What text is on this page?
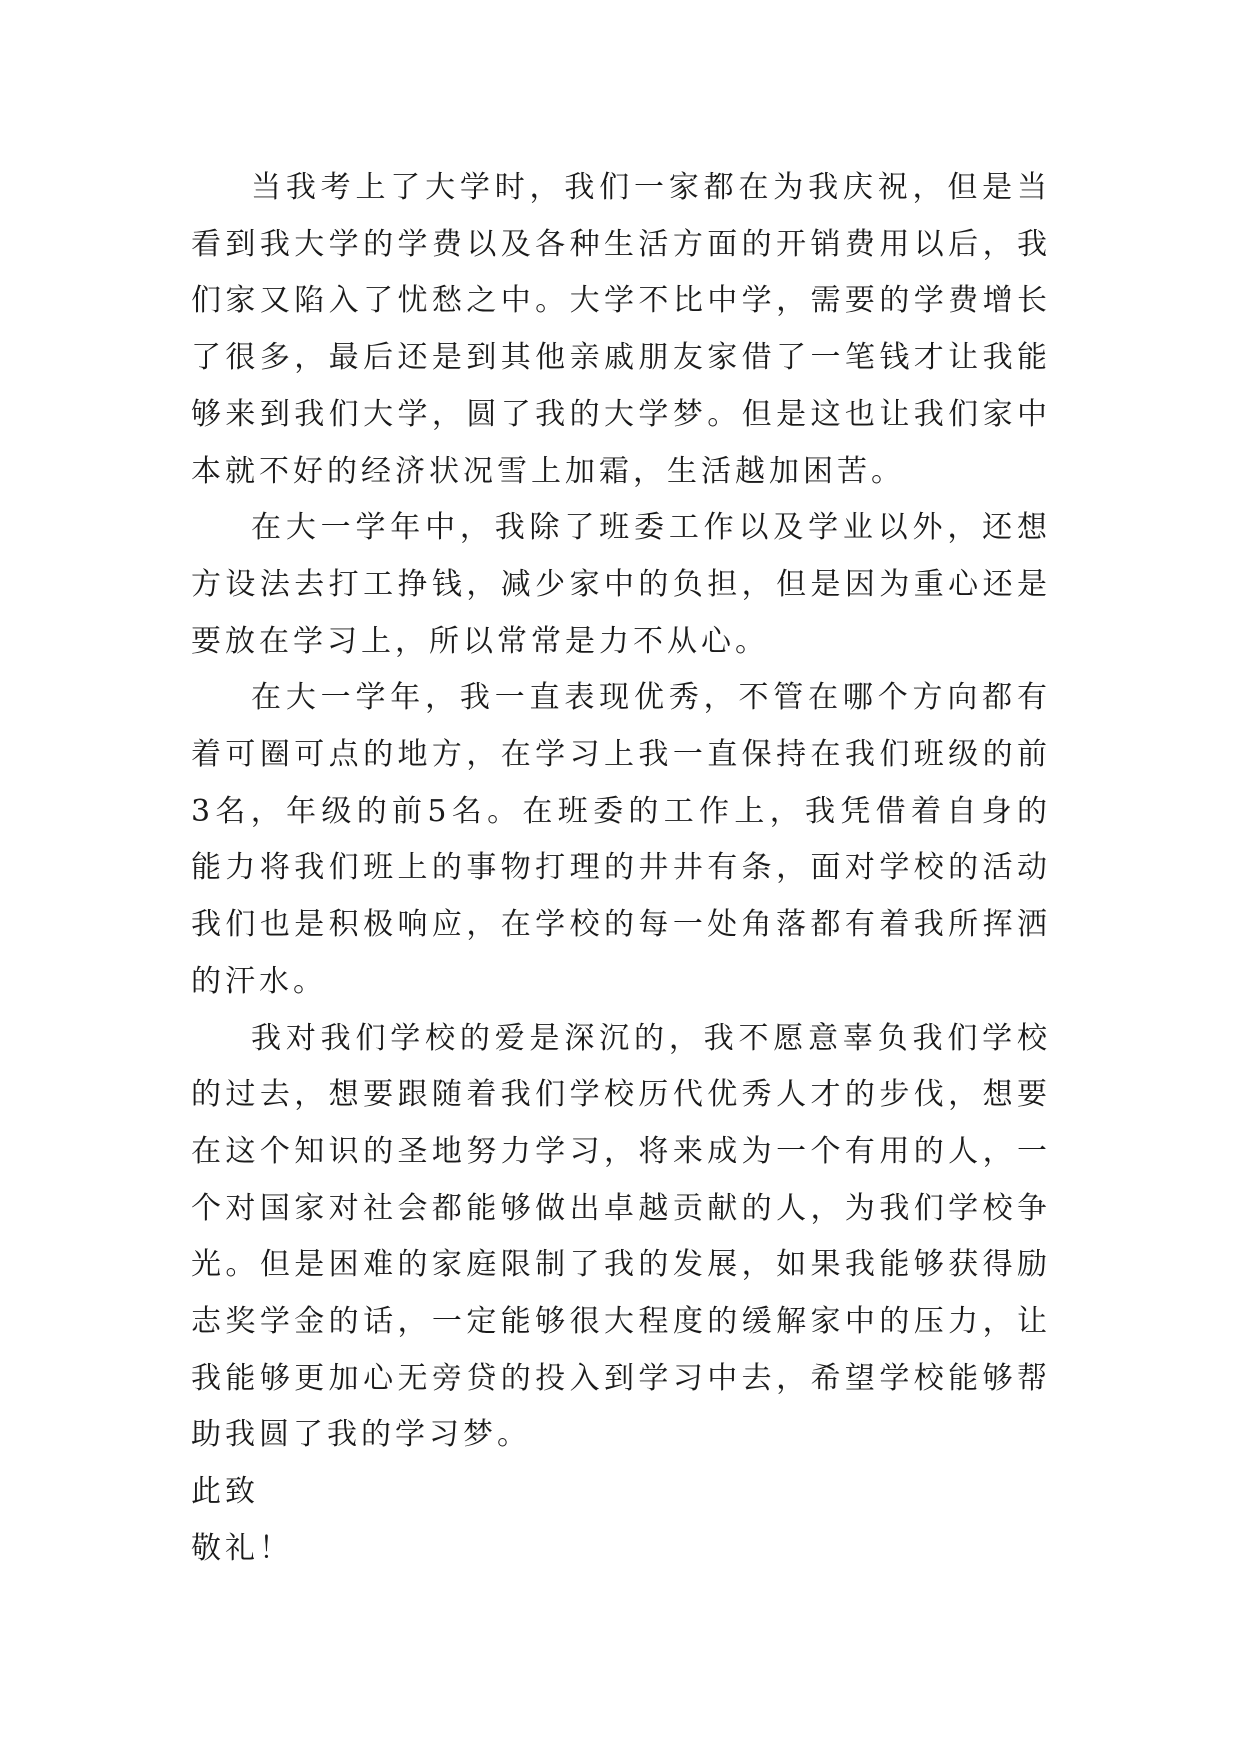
当我考上了大学时，我们一家都在为我庆祝，但是当看到我大学的学费以及各种生活方面的开销费用以后，我们家又陷入了忧愁之中。大学不比中学，需要的学费增长了很多，最后还是到其他亲戚朋友家借了一笔钱才让我能够来到我们大学，圆了我的大学梦。但是这也让我们家中本就不好的经济状况雪上加霜，生活越加困苦。

在大一学年中，我除了班委工作以及学业以外，还想方设法去打工挣钱，减少家中的负担，但是因为重心还是要放在学习上，所以常常是力不从心。

在大一学年，我一直表现优秀，不管在哪个方向都有着可圈可点的地方，在学习上我一直保持在我们班级的前3名，年级的前5名。在班委的工作上，我凭借着自身的能力将我们班上的事物打理的井井有条，面对学校的活动我们也是积极响应，在学校的每一处角落都有着我所挥洒的汗水。

我对我们学校的爱是深沉的，我不愿意辜负我们学校的过去，想要跟随着我们学校历代优秀人才的步伐，想要在这个知识的圣地努力学习，将来成为一个有用的人，一个对国家对社会都能够做出卓越贡献的人，为我们学校争光。但是困难的家庭限制了我的发展，如果我能够获得励志奖学金的话，一定能够很大程度的缓解家中的压力，让我能够更加心无旁贷的投入到学习中去，希望学校能够帮助我圆了我的学习梦。

此致

敬礼！
